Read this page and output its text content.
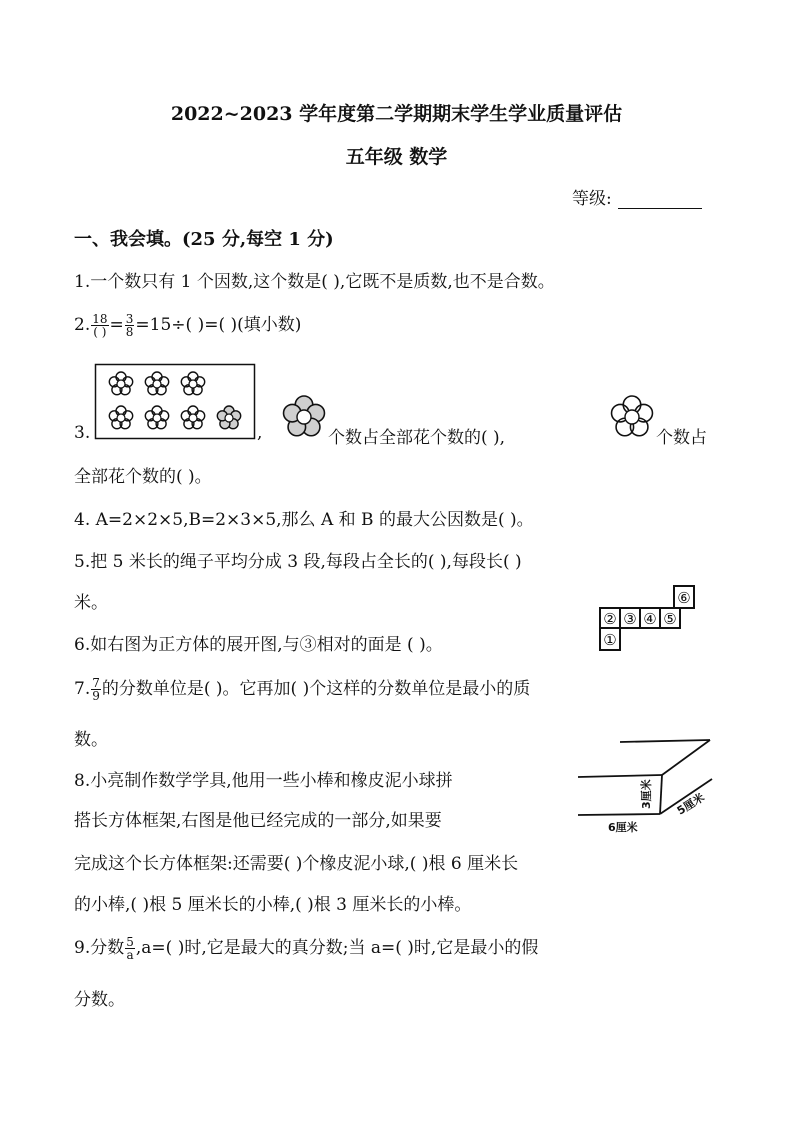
2022~2023 学年度第二学期期末学生学业质量评估
五年级 数学
等级:
一、我会填。(25 分,每空 1 分)
1.一个数只有 1 个因数,这个数是( ),它既不是质数,也不是合数。
2. $\frac{18}{( )} = \frac{3}{8} =15\div$( )=( )(填小数)
3.	,	个数占全部花个数的( ),	个数占
全部花个数的( )。
4. A=2×2×5,B=2×3×5,那么 A 和 B 的最大公因数是( )。
5.把 5 米长的绳子平均分成 3 段,每段占全长的( ),每段长( )
米。
② ③ ④ ⑤
⑥
①
6.如右图为正方体的展开图,与③相对的面是 ( )。
7. $\frac{7}{9}$ 的分数单位是( )。它再加( )个这样的分数单位是最小的质
数。
3厘米 5厘米
6厘米
8.小亮制作数学学具,他用一些小棒和橡皮泥小球拼
搭长方体框架,右图是他已经完成的一部分,如果要
完成这个长方体框架:还需要( )个橡皮泥小球,( )根 6 厘米长
的小棒,( )根 5 厘米长的小棒,( )根 3 厘米长的小棒。
9.分数 $\frac{5}{a} ,a=$( )时,它是最大的真分数;当 a=( )时,它是最小的假
分数。
